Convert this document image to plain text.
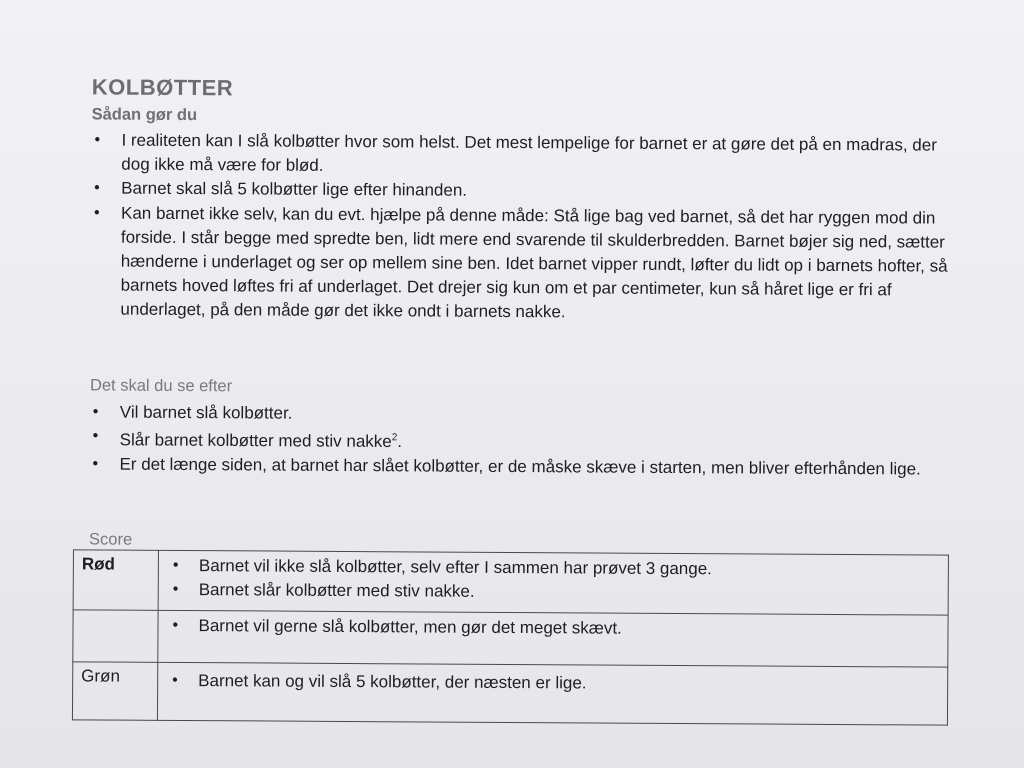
KOLBØTTER
Sådan gør du
• I realiteten kan I slå kolbøtter hvor som helst. Det mest lempelige for barnet er at gøre det på en madras, der dog ikke må være for blød.
• Barnet skal slå 5 kolbøtter lige efter hinanden.
• Kan barnet ikke selv, kan du evt. hjælpe på denne måde: Stå lige bag ved barnet, så det har ryggen mod din forside. I står begge med spredte ben, lidt mere end svarende til skulderbredden. Barnet bøjer sig ned, sætter hænderne i underlaget og ser op mellem sine ben. Idet barnet vipper rundt, løfter du lidt op i barnets hofter, så barnets hoved løftes fri af underlaget. Det drejer sig kun om et par centimeter, kun så håret lige er fri af underlaget, på den måde gør det ikke ondt i barnets nakke.
Det skal du se efter
• Vil barnet slå kolbøtter.
• Slår barnet kolbøtter med stiv nakke$^2$.
• Er det længe siden, at barnet har slået kolbøtter, er de måske skæve i starten, men bliver efterhånden lige.
Score
Rød	• Barnet vil ikke slå kolbøtter, selv efter I sammen har prøvet 3 gange.
• Barnet slår kolbøtter med stiv nakke.

	• Barnet vil gerne slå kolbøtter, men gør det meget skævt.

Grøn	• Barnet kan og vil slå 5 kolbøtter, der næsten er lige.
